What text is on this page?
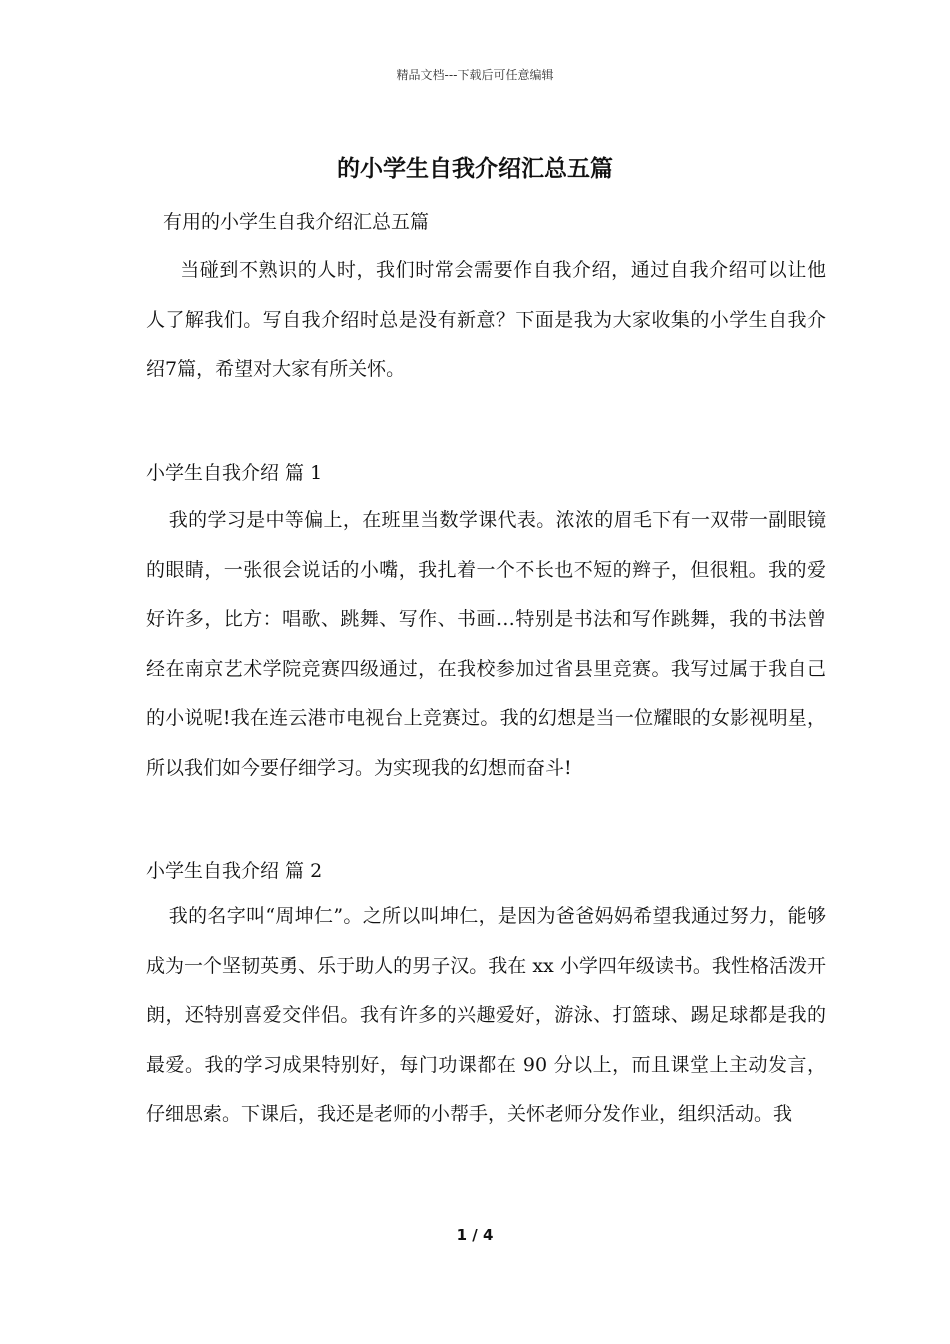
精品文档---下载后可任意编辑
的小学生自我介绍汇总五篇
有用的小学生自我介绍汇总五篇

当碰到不熟识的人时，我们时常会需要作自我介绍，通过自我介绍可以让他人了解我们。写自我介绍时总是没有新意？下面是我为大家收集的小学生自我介绍7篇，希望对大家有所关怀。

小学生自我介绍 篇 1

我的学习是中等偏上，在班里当数学课代表。浓浓的眉毛下有一双带一副眼镜的眼睛，一张很会说话的小嘴，我扎着一个不长也不短的辫子，但很粗。我的爱好许多，比方：唱歌、跳舞、写作、书画…特别是书法和写作跳舞，我的书法曾经在南京艺术学院竞赛四级通过，在我校参加过省县里竞赛。我写过属于我自己的小说呢!我在连云港市电视台上竞赛过。我的幻想是当一位耀眼的女影视明星，所以我们如今要仔细学习。为实现我的幻想而奋斗!

小学生自我介绍 篇 2

我的名字叫“周坤仁”。之所以叫坤仁，是因为爸爸妈妈希望我通过努力，能够成为一个坚韧英勇、乐于助人的男子汉。我在 xx 小学四年级读书。我性格活泼开朗，还特别喜爱交伴侣。我有许多的兴趣爱好，游泳、打篮球、踢足球都是我的最爱。我的学习成果特别好，每门功课都在 90 分以上，而且课堂上主动发言，仔细思索。下课后，我还是老师的小帮手，关怀老师分发作业，组织活动。我

1 / 4
